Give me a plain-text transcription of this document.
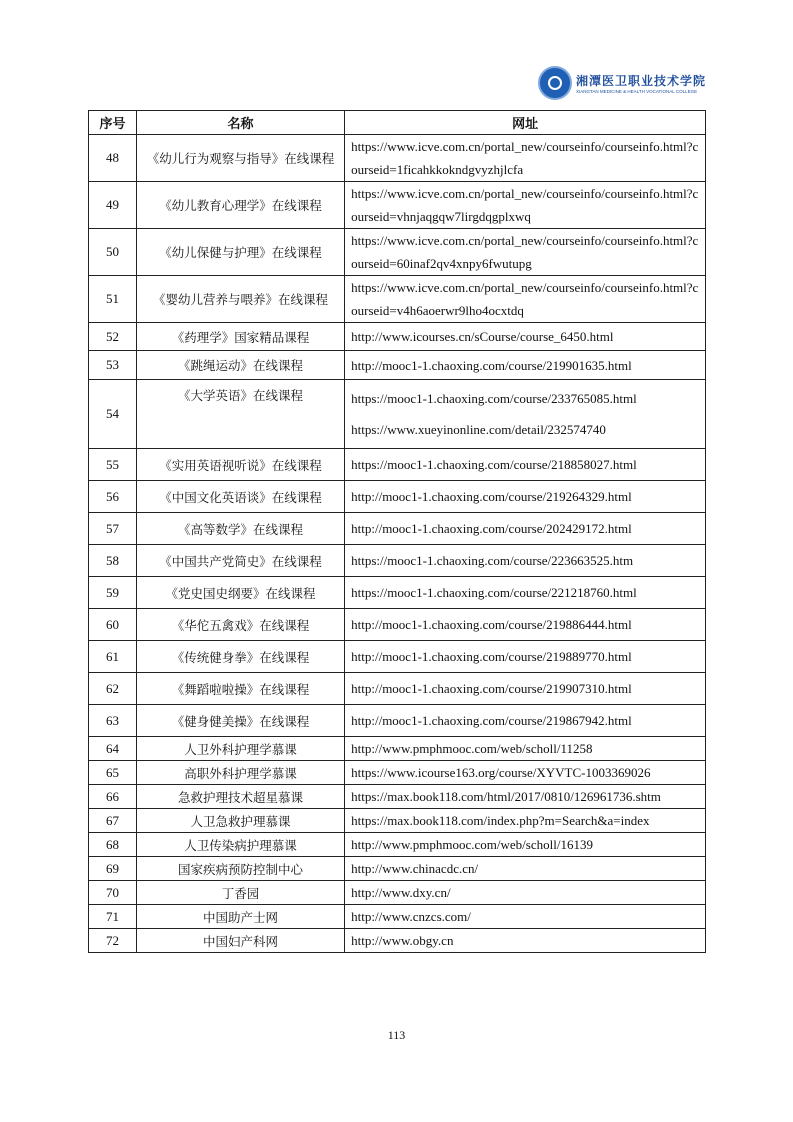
湘潭医卫职业技术学院
XIANGTAN MEDICINE & HEALTH VOCATIONAL COLLEGE
序号	名称	网址
48	《幼儿行为观察与指导》在线课程	https://www.icve.com.cn/portal_new/courseinfo/courseinfo.html?courseid=1ficahkkokndgvyzhjlcfa
49	《幼儿教育心理学》在线课程	https://www.icve.com.cn/portal_new/courseinfo/courseinfo.html?courseid=vhnjaqgqw7lirgdqgplxwq
50	《幼儿保健与护理》在线课程	https://www.icve.com.cn/portal_new/courseinfo/courseinfo.html?courseid=60inaf2qv4xnpy6fwutupg
51	《婴幼儿营养与喂养》在线课程	https://www.icve.com.cn/portal_new/courseinfo/courseinfo.html?courseid=v4h6aoerwr9lho4ocxtdq
52	《药理学》国家精品课程	http://www.icourses.cn/sCourse/course_6450.html
53	《跳绳运动》在线课程	http://mooc1-1.chaoxing.com/course/219901635.html
54	《大学英语》在线课程	https://mooc1-1.chaoxing.com/course/233765085.html
https://www.xueyinonline.com/detail/232574740

55	《实用英语视听说》在线课程	https://mooc1-1.chaoxing.com/course/218858027.html
56	《中国文化英语谈》在线课程	http://mooc1-1.chaoxing.com/course/219264329.html
57	《高等数学》在线课程	http://mooc1-1.chaoxing.com/course/202429172.html
58	《中国共产党简史》在线课程	https://mooc1-1.chaoxing.com/course/223663525.htm
59	《党史国史纲要》在线课程	https://mooc1-1.chaoxing.com/course/221218760.html
60	《华佗五禽戏》在线课程	http://mooc1-1.chaoxing.com/course/219886444.html
61	《传统健身拳》在线课程	http://mooc1-1.chaoxing.com/course/219889770.html
62	《舞蹈啦啦操》在线课程	http://mooc1-1.chaoxing.com/course/219907310.html
63	《健身健美操》在线课程	http://mooc1-1.chaoxing.com/course/219867942.html
64	人卫外科护理学慕课	http://www.pmphmooc.com/web/scholl/11258
65	高职外科护理学慕课	https://www.icourse163.org/course/XYVTC-1003369026
66	急救护理技术超星慕课	https://max.book118.com/html/2017/0810/126961736.shtm
67	人卫急救护理慕课	https://max.book118.com/index.php?m=Search&a=index
68	人卫传染病护理慕课	http://www.pmphmooc.com/web/scholl/16139
69	国家疾病预防控制中心	http://www.chinacdc.cn/
70	丁香园	http://www.dxy.cn/
71	中国助产士网	http://www.cnzcs.com/
72	中国妇产科网	http://www.obgy.cn
113
